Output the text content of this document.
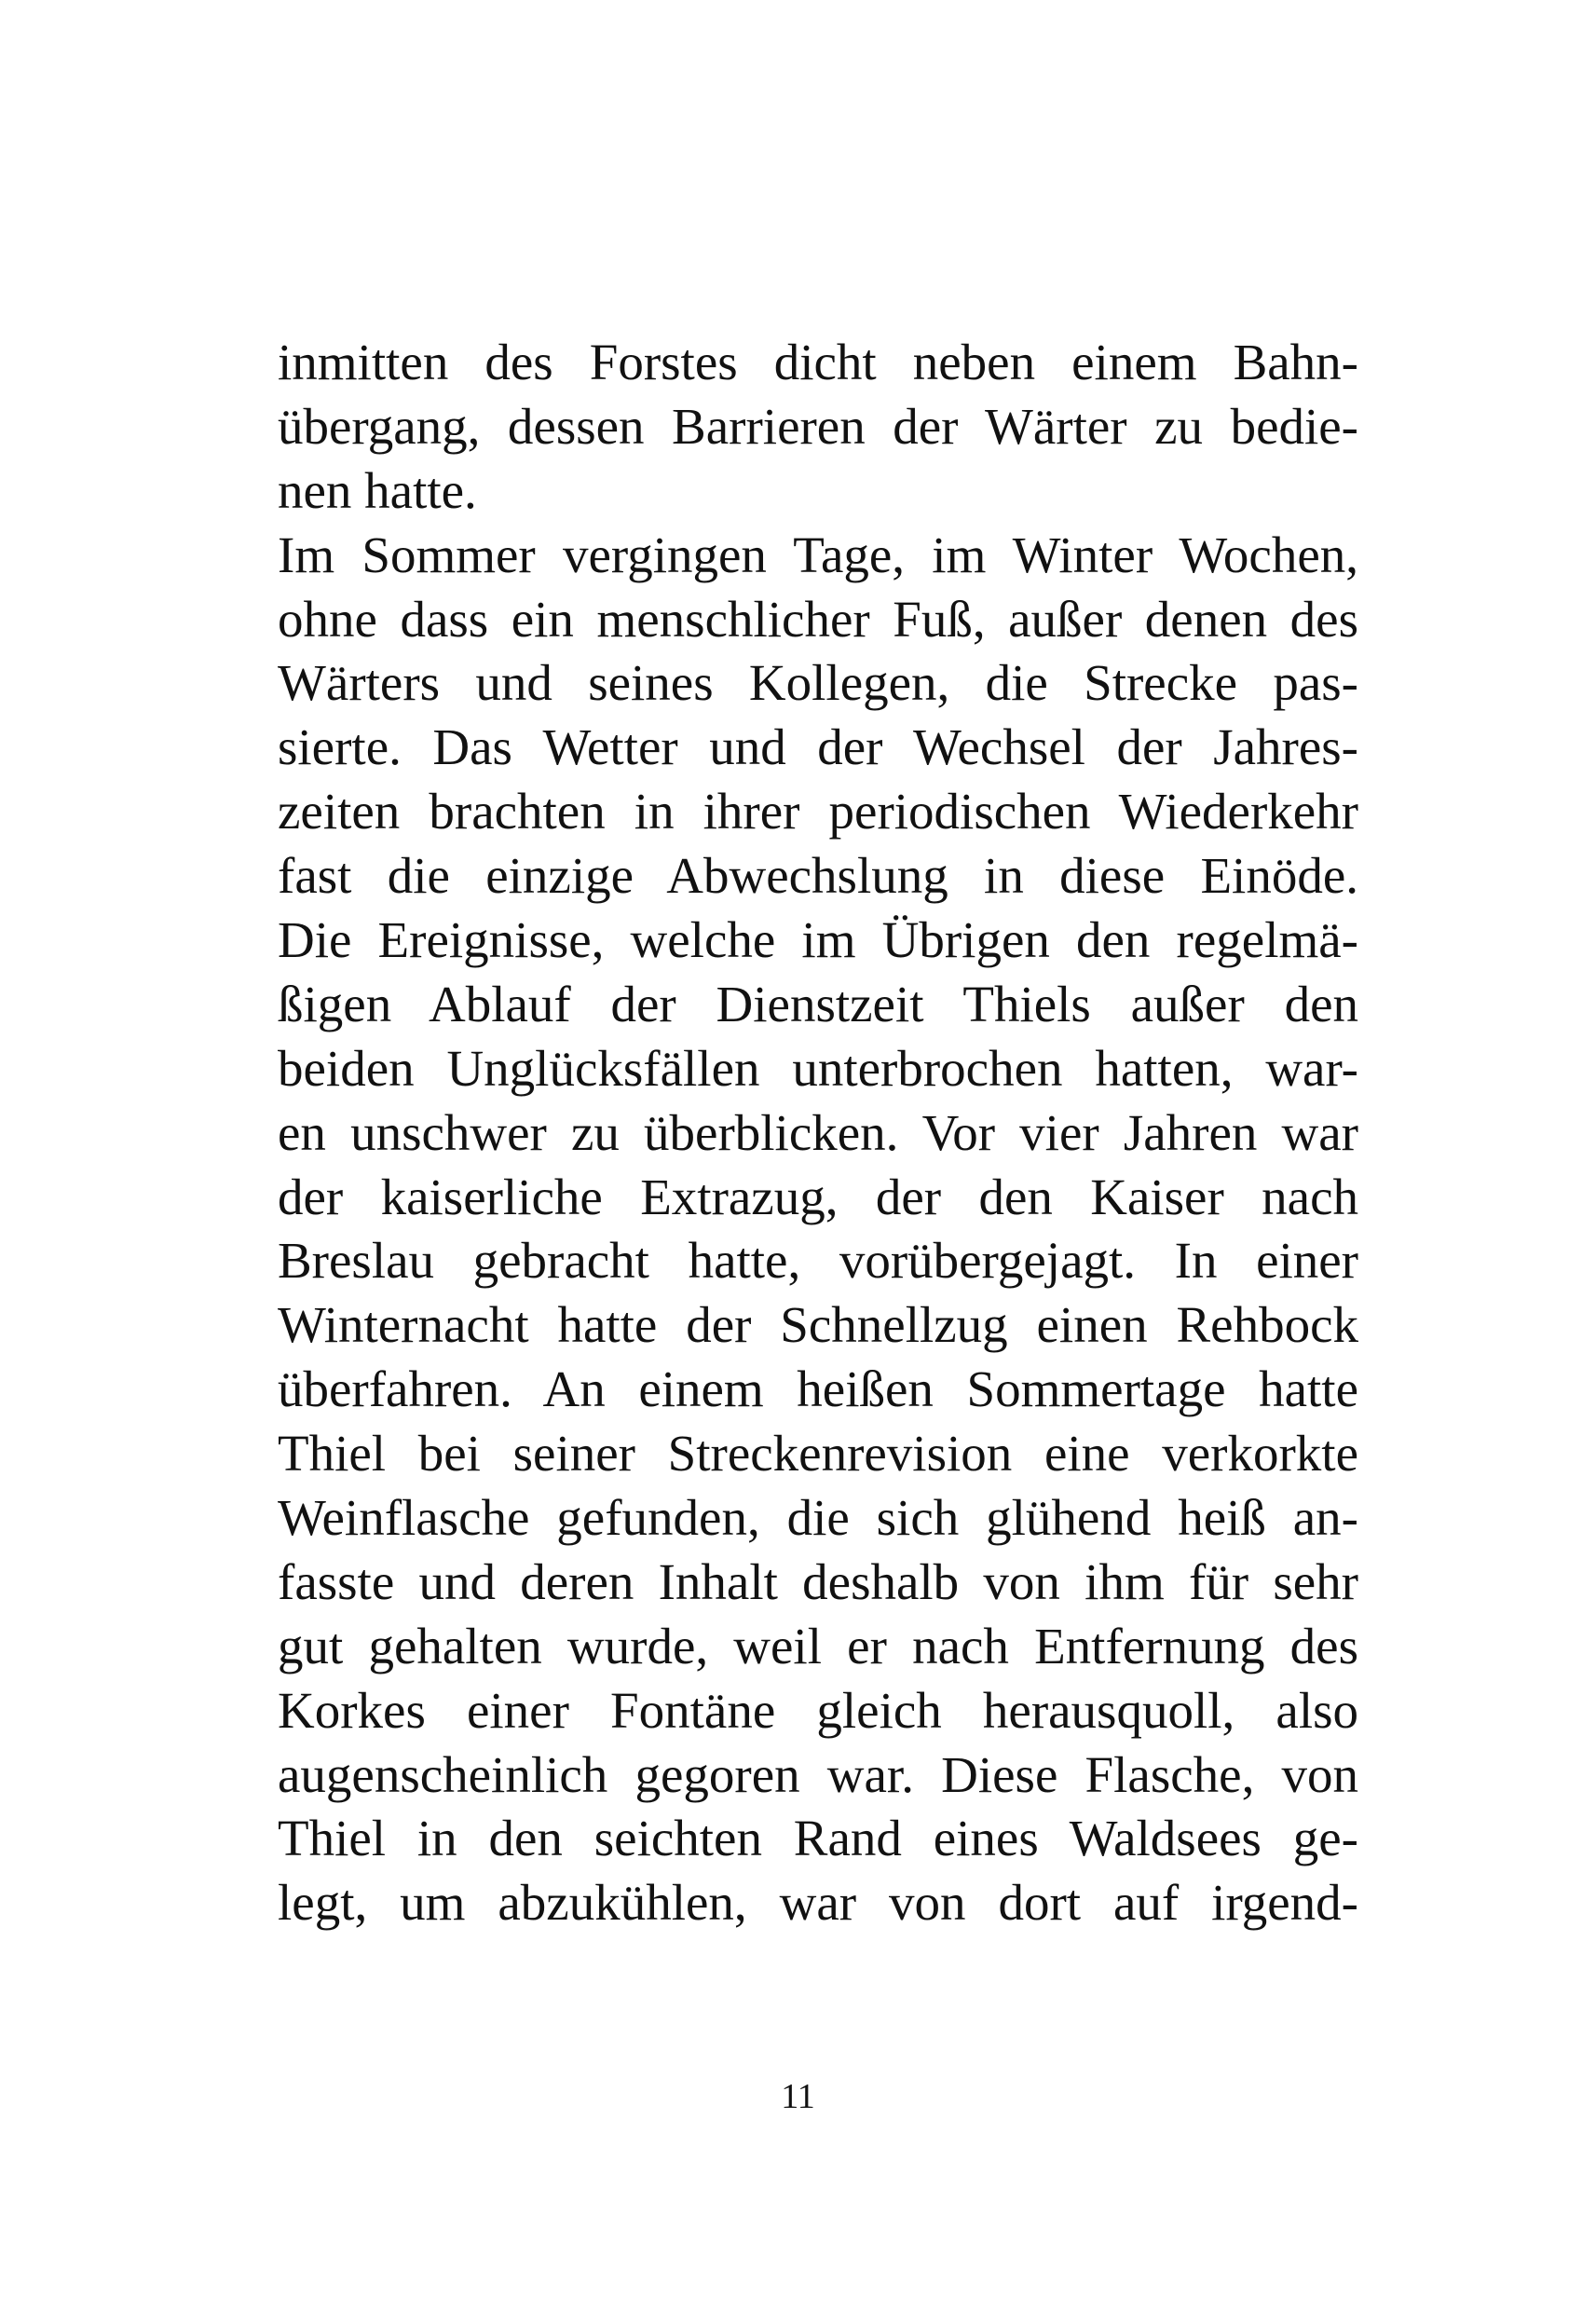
inmitten des Forstes dicht neben einem Bahn-
übergang, dessen Barrieren der Wärter zu bedie-
nen hatte.
Im Sommer vergingen Tage, im Winter Wochen,
ohne dass ein menschlicher Fuß, außer denen des
Wärters und seines Kollegen, die Strecke pas-
sierte. Das Wetter und der Wechsel der Jahres-
zeiten brachten in ihrer periodischen Wiederkehr
fast die einzige Abwechslung in diese Einöde.
Die Ereignisse, welche im Übrigen den regelmä-
ßigen Ablauf der Dienstzeit Thiels außer den
beiden Unglücksfällen unterbrochen hatten, war-
en unschwer zu überblicken. Vor vier Jahren war
der kaiserliche Extrazug, der den Kaiser nach
Breslau gebracht hatte, vorübergejagt. In einer
Winternacht hatte der Schnellzug einen Rehbock
überfahren. An einem heißen Sommertage hatte
Thiel bei seiner Streckenrevision eine verkorkte
Weinflasche gefunden, die sich glühend heiß an-
fasste und deren Inhalt deshalb von ihm für sehr
gut gehalten wurde, weil er nach Entfernung des
Korkes einer Fontäne gleich herausquoll, also
augenscheinlich gegoren war. Diese Flasche, von
Thiel in den seichten Rand eines Waldsees ge-
legt, um abzukühlen, war von dort auf irgend-
11
